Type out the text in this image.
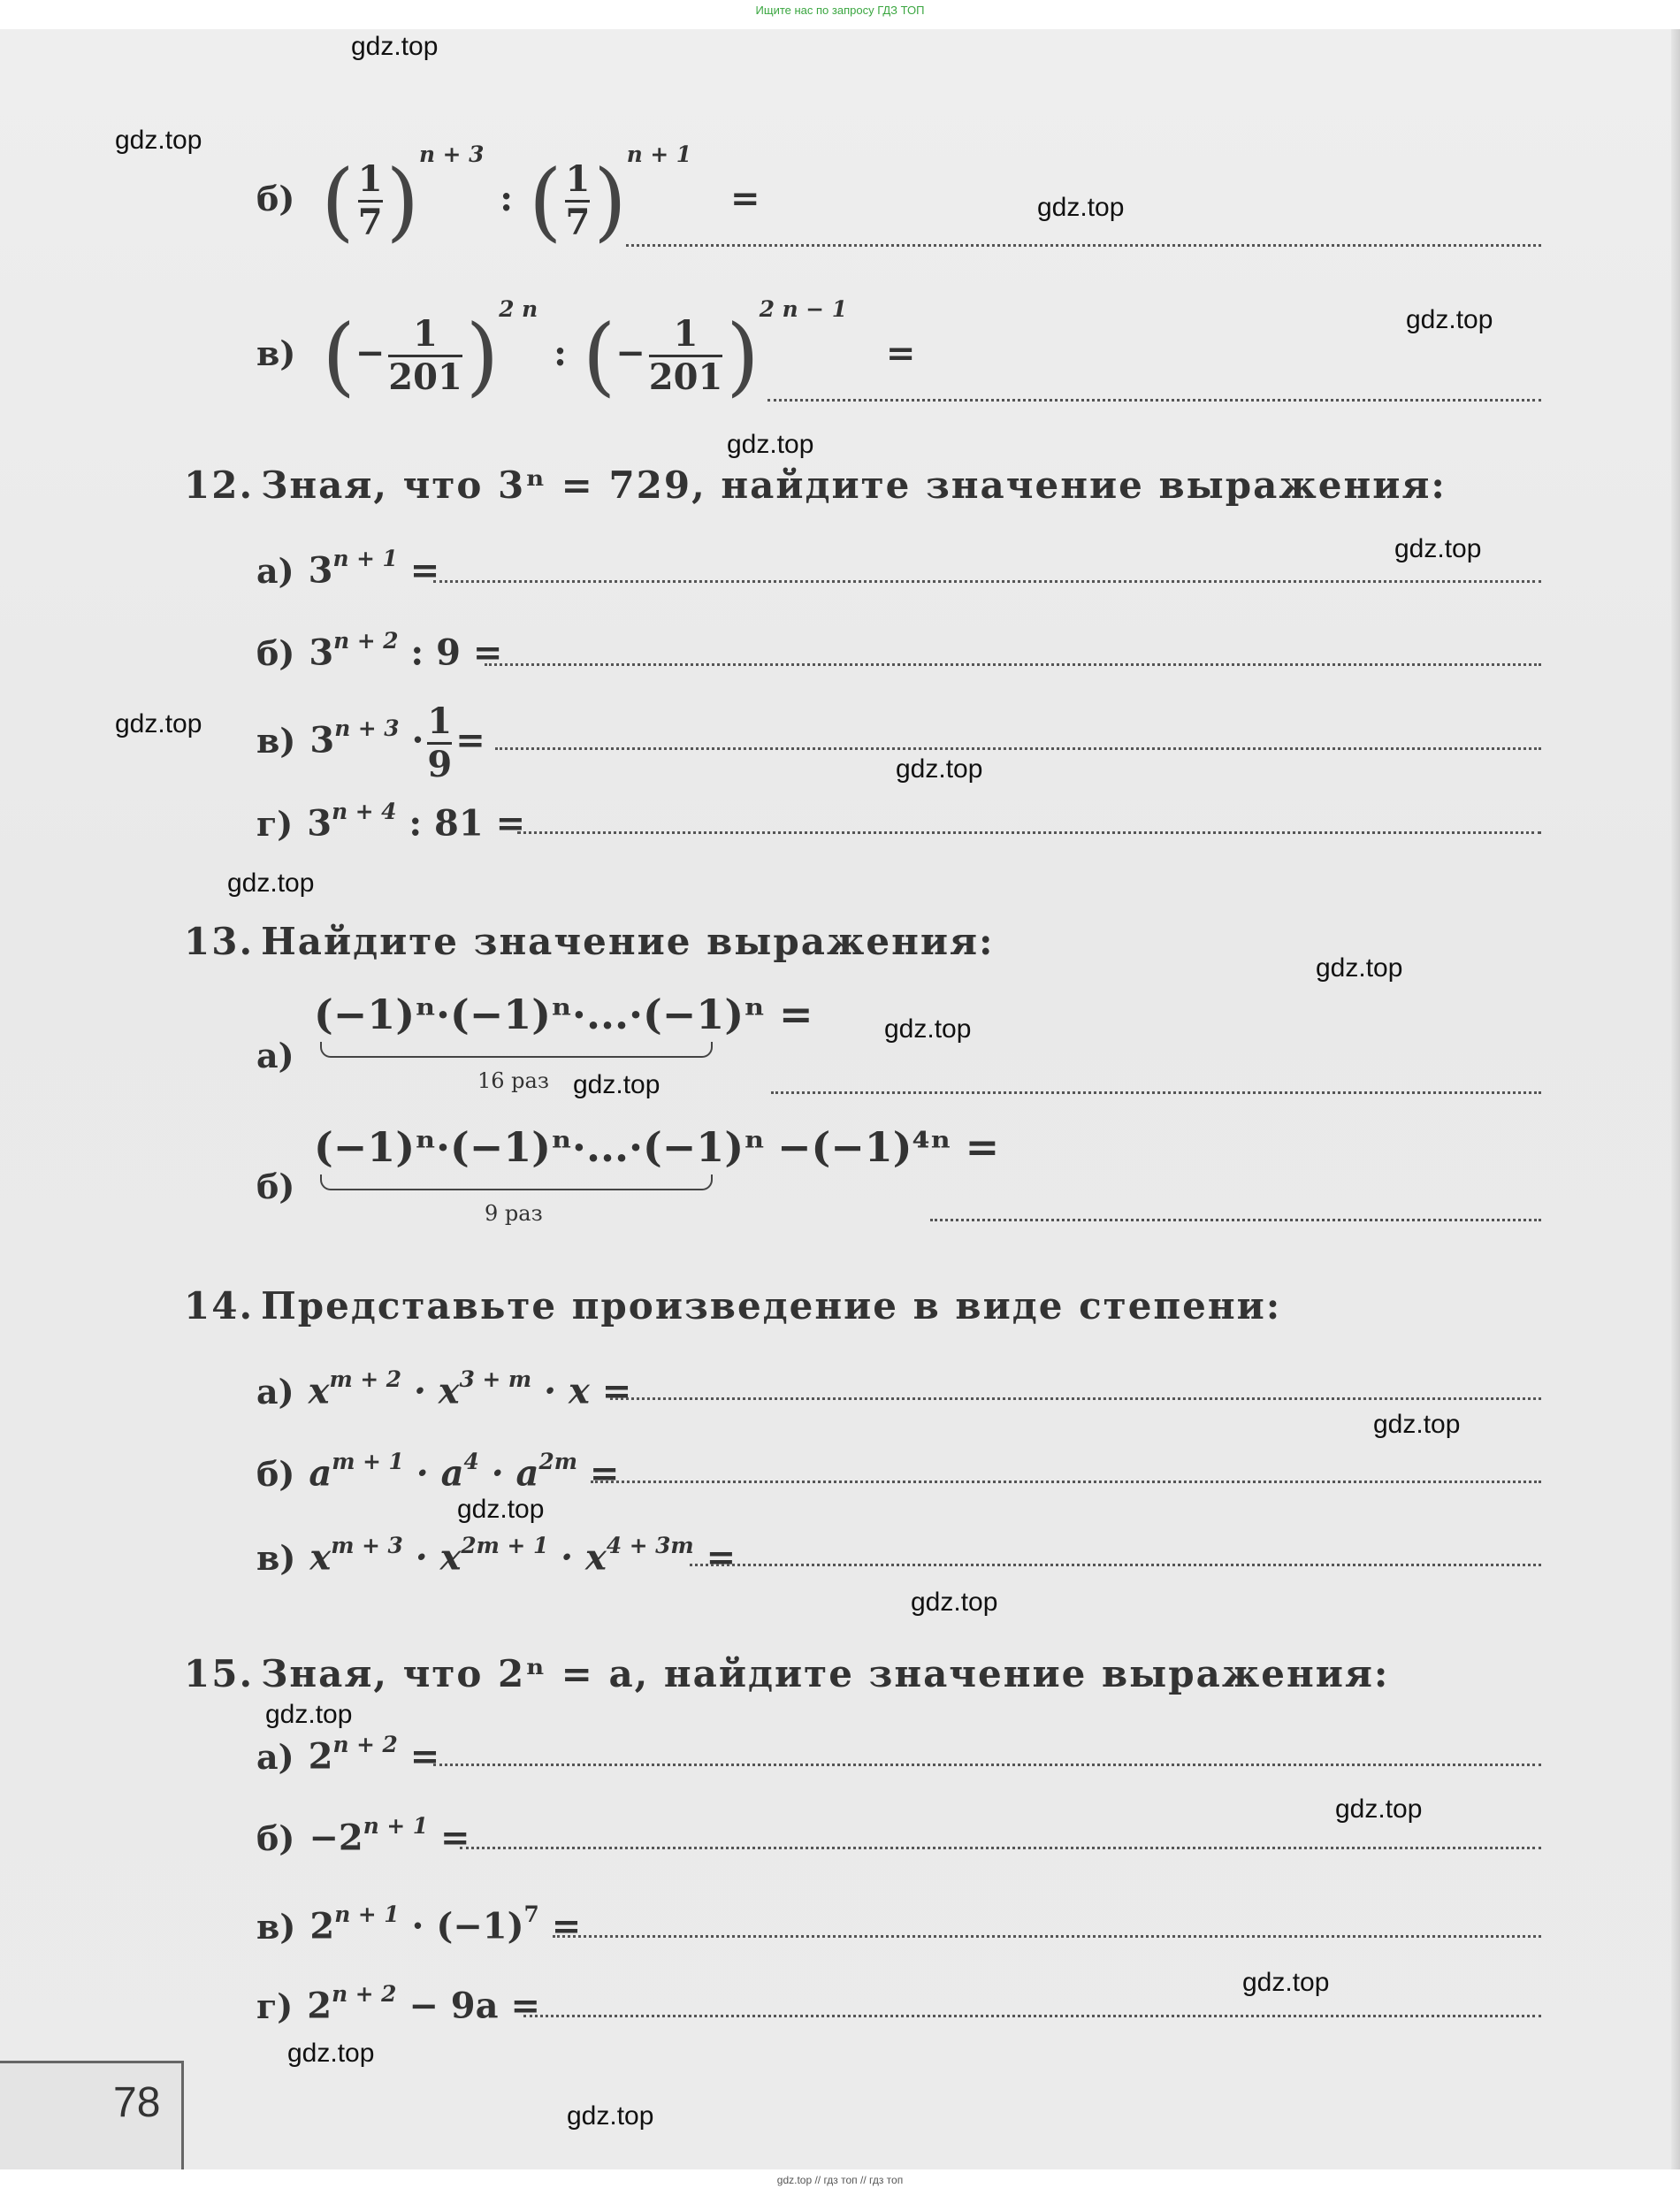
Ищите нас по запросу ГДЗ ТОП
б) ( $\frac{1}{7} )^{n + 3}$ : ( $\frac{1}{7} )^{n + 1}$ =
в) (− $\frac{1}{201} )^{2 n}$ : (− $\frac{1}{201} )^{2 n - 1}$ =
12. Зная, что 3ⁿ = 729, найдите значение выражения:
а) $3^{n + 1}$ =
б) $3^{n + 2}$ : 9 =
в) $3^{n + 3} \cdot \frac{1}{9}$ =
г) $3^{n + 4}$ : 81 =
13. Найдите значение выражения:
а)
(−1)ⁿ·(−1)ⁿ·...·(−1)ⁿ =
16 раз
б)
(−1)ⁿ·(−1)ⁿ·...·(−1)ⁿ −(−1)⁴ⁿ =
9 раз
14. Представьте произведение в виде степени:
а) $x^{m + 2} \cdot x^{3 + m} \cdot x$ =
б) $a^{m + 1} \cdot a^4 \cdot a^{2m}$ =
в) $x^{m + 3} \cdot x^{2m + 1} \cdot x^{4 + 3m}$ =
15. Зная, что 2ⁿ = a, найдите значение выражения:
а) $2^{n + 2}$ =
$б) -2^{n + 1}$ =
в) $2^{n + 1} \cdot (-1)^7$ =
г) $2^{n + 2} - 9a$ =
78
gdz.top
gdz.top
gdz.top
gdz.top
gdz.top
gdz.top
gdz.top
gdz.top
gdz.top
gdz.top
gdz.top
gdz.top
gdz.top
gdz.top
gdz.top
gdz.top
gdz.top
gdz.top
gdz.top
gdz.top
gdz.top // гдз топ // гдз топ
